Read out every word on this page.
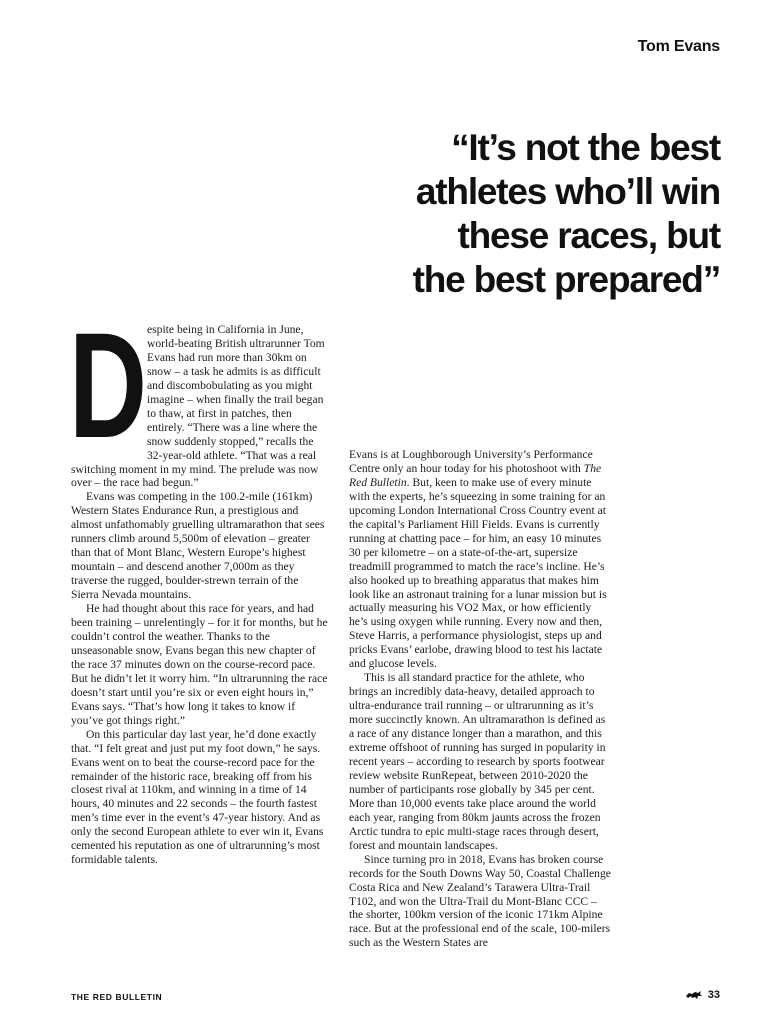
Tom Evans
“It’s not the best
athletes who’ll win
these races, but
the best prepared”
D espite being in California in June, world-beating British ultrarunner Tom Evans had run more than 30km on snow – a task he admits is as difficult and discombobulating as you might imagine – when finally the trail began to thaw, at first in patches, then entirely. “There was a line where the snow suddenly stopped,” recalls the 32-year-old athlete. “That was a real switching moment in my mind. The prelude was now over – the race had begun.”

Evans was competing in the 100.2-mile (161km) Western States Endurance Run, a prestigious and almost unfathomably gruelling ultramarathon that sees runners climb around 5,500m of elevation – greater than that of Mont Blanc, Western Europe’s highest mountain – and descend another 7,000m as they traverse the rugged, boulder-strewn terrain of the Sierra Nevada mountains.

He had thought about this race for years, and had been training – unrelentingly – for it for months, but he couldn’t control the weather. Thanks to the unseasonable snow, Evans began this new chapter of the race 37 minutes down on the course-record pace. But he didn’t let it worry him. “In ultrarunning the race doesn’t start until you’re six or even eight hours in,” Evans says. “That’s how long it takes to know if you’ve got things right.”

On this particular day last year, he’d done exactly that. “I felt great and just put my foot down,” he says. Evans went on to beat the course-record pace for the remainder of the historic race, breaking off from his closest rival at 110km, and winning in a time of 14 hours, 40 minutes and 22 seconds – the fourth fastest men’s time ever in the event’s 47-year history. And as only the second European athlete to ever win it, Evans cemented his reputation as one of ultrarunning’s most formidable talents.

Evans is at Loughborough University’s Performance Centre only an hour today for his photoshoot with The Red Bulletin. But, keen to make use of every minute with the experts, he’s squeezing in some training for an upcoming London International Cross Country event at the capital’s Parliament Hill Fields. Evans is currently running at chatting pace – for him, an easy 10 minutes 30 per kilometre – on a state-of-the-art, supersize treadmill programmed to match the race’s incline. He’s also hooked up to breathing apparatus that makes him look like an astronaut training for a lunar mission but is actually measuring his VO2 Max, or how efficiently he’s using oxygen while running. Every now and then, Steve Harris, a performance physiologist, steps up and pricks Evans’ earlobe, drawing blood to test his lactate and glucose levels.

This is all standard practice for the athlete, who brings an incredibly data-heavy, detailed approach to ultra-endurance trail running – or ultrarunning as it’s more succinctly known. An ultramarathon is defined as a race of any distance longer than a marathon, and this extreme offshoot of running has surged in popularity in recent years – according to research by sports footwear review website RunRepeat, between 2010-2020 the number of participants rose globally by 345 per cent. More than 10,000 events take place around the world each year, ranging from 80km jaunts across the frozen Arctic tundra to epic multi-stage races through desert, forest and mountain landscapes.

Since turning pro in 2018, Evans has broken course records for the South Downs Way 50, Coastal Challenge Costa Rica and New Zealand’s Tarawera Ultra-Trail T102, and won the Ultra-Trail du Mont-Blanc CCC – the shorter, 100km version of the iconic 171km Alpine race. But at the professional end of the scale, 100-milers such as the Western States are

THE RED BULLETIN	33
